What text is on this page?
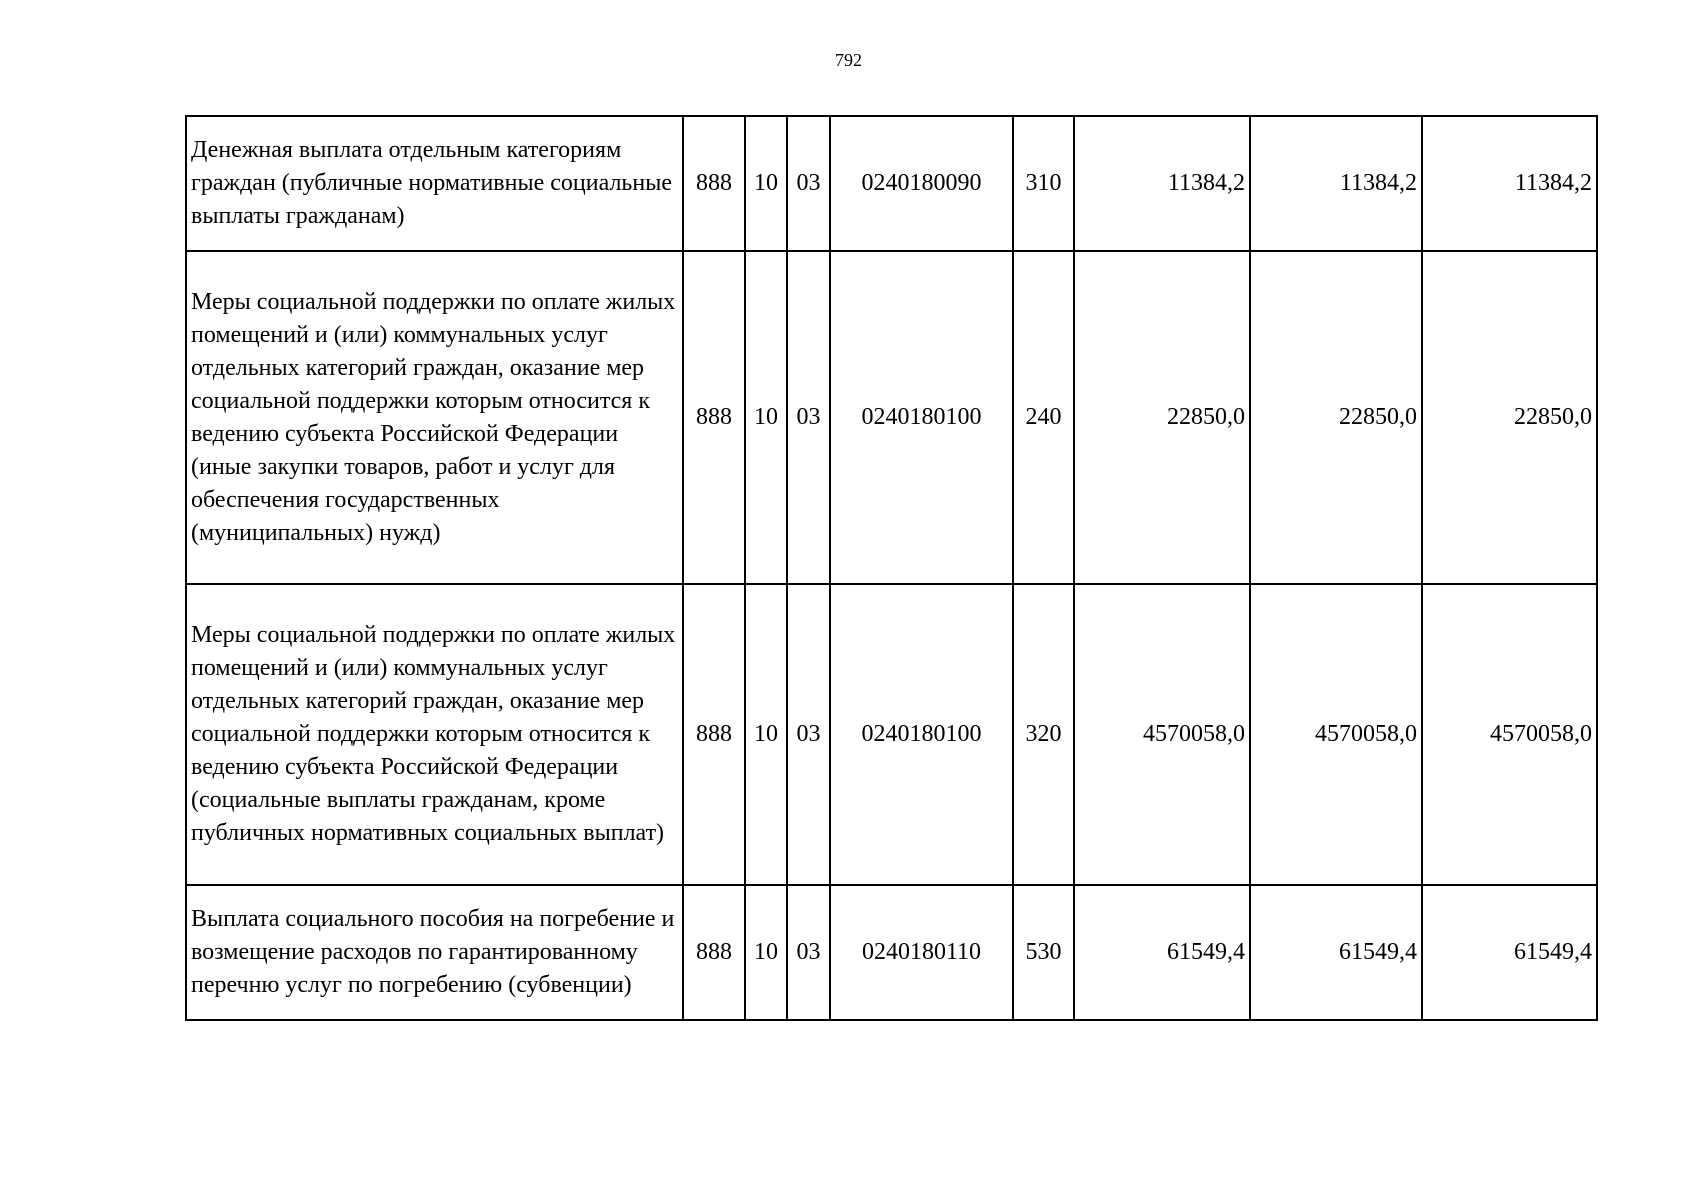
792
Денежная выплата отдельным категориям граждан (публичные нормативные социальные выплаты гражданам)	888	10	03	0240180090	310	11384,2	11384,2	11384,2
Меры социальной поддержки по оплате жилых помещений и (или) коммунальных услуг отдельных категорий граждан, оказание мер социальной поддержки которым относится к ведению субъекта Российской Федерации (иные закупки товаров, работ и услуг для обеспечения государственных (муниципальных) нужд)	888	10	03	0240180100	240	22850,0	22850,0	22850,0
Меры социальной поддержки по оплате жилых помещений и (или) коммунальных услуг отдельных категорий граждан, оказание мер социальной поддержки которым относится к ведению субъекта Российской Федерации (социальные выплаты гражданам, кроме публичных нормативных социальных выплат)	888	10	03	0240180100	320	4570058,0	4570058,0	4570058,0
Выплата социального пособия на погребение и возмещение расходов по гарантированному перечню услуг по погребению (субвенции)	888	10	03	0240180110	530	61549,4	61549,4	61549,4
